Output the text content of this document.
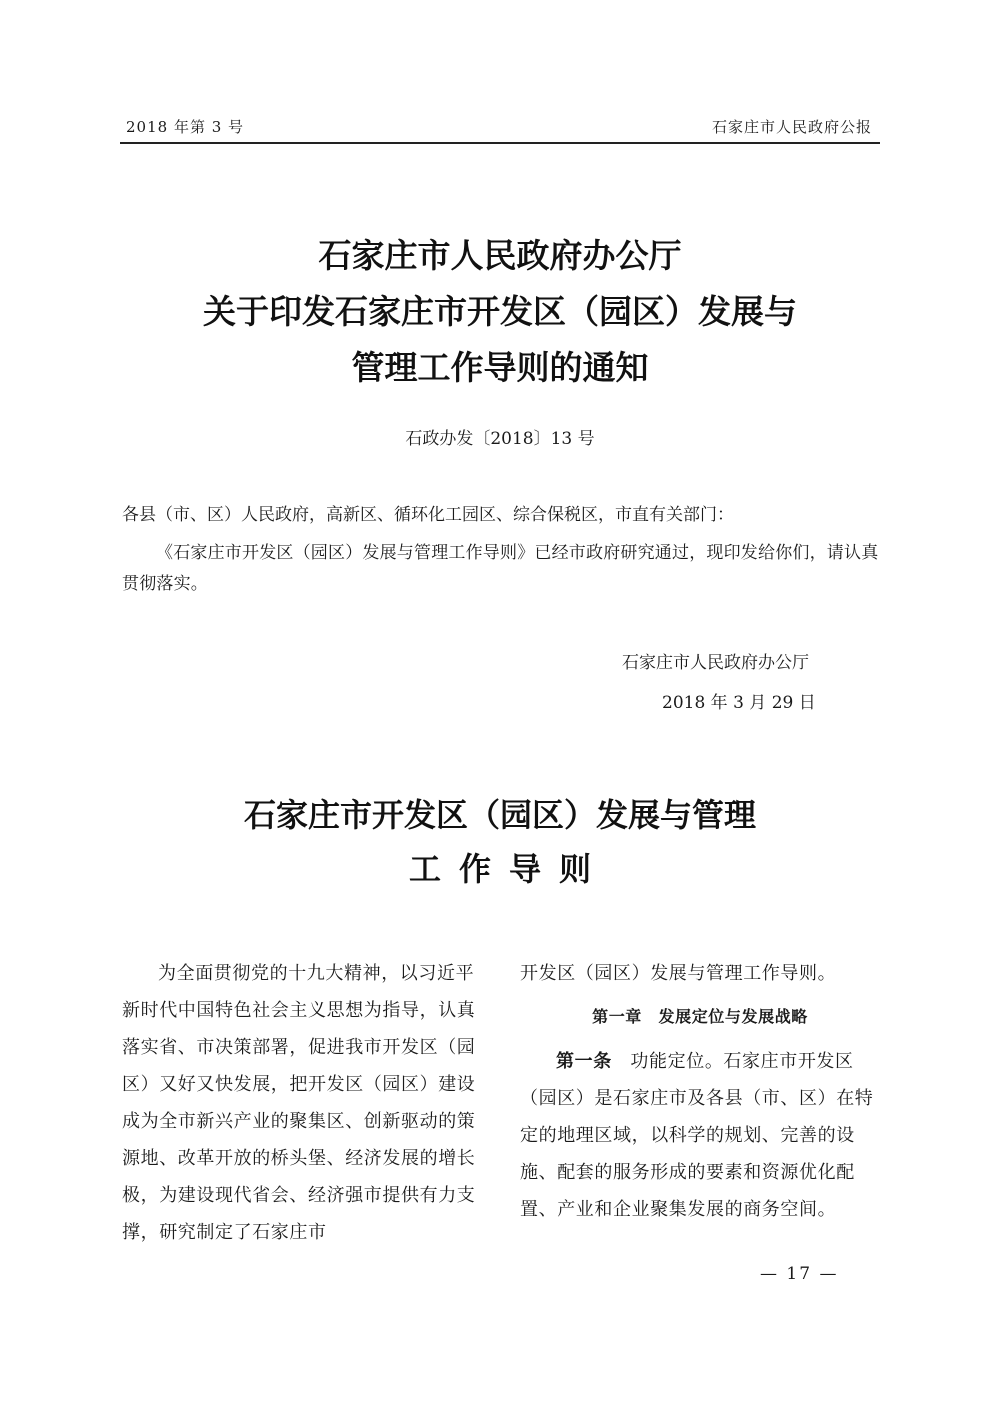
2018 年第 3 号	石家庄市人民政府公报
石家庄市人民政府办公厅
关于印发石家庄市开发区（园区）发展与
管理工作导则的通知
石政办发〔2018〕13 号
各县（市、区）人民政府，高新区、循环化工园区、综合保税区，市直有关部门：
《石家庄市开发区（园区）发展与管理工作导则》已经市政府研究通过，现印发给你们，请认真贯彻落实。
石家庄市人民政府办公厅
2018 年 3 月 29 日
石家庄市开发区（园区）发展与管理
工作导则
为全面贯彻党的十九大精神，以习近平新时代中国特色社会主义思想为指导，认真落实省、市决策部署，促进我市开发区（园区）又好又快发展，把开发区（园区）建设成为全市新兴产业的聚集区、创新驱动的策源地、改革开放的桥头堡、经济发展的增长极，为建设现代省会、经济强市提供有力支撑，研究制定了石家庄市
开发区（园区）发展与管理工作导则。
第一章　发展定位与发展战略
第一条　 功能定位。石家庄市开发区（园区）是石家庄市及各县（市、区）在特定的地理区域，以科学的规划、完善的设施、配套的服务形成的要素和资源优化配置、产业和企业聚集发展的商务空间。
— 17 —
